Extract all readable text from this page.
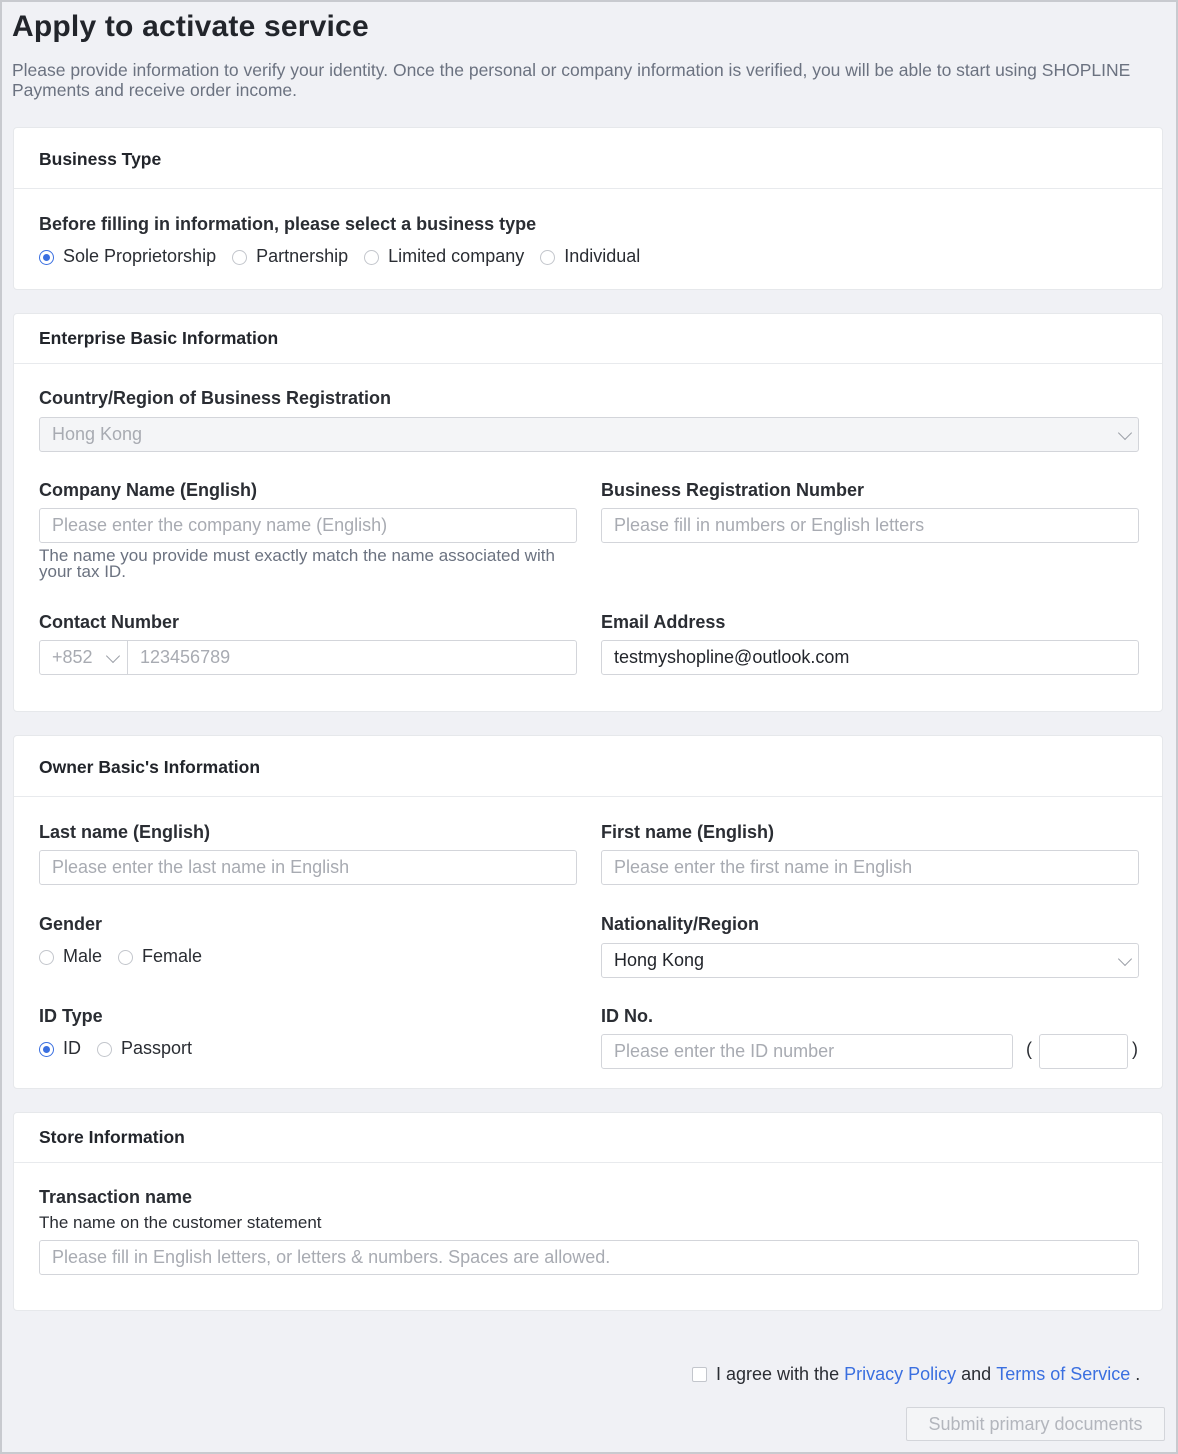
Apply to activate service
Please provide information to verify your identity. Once the personal or company information is verified, you will be able to start using SHOPLINE Payments and receive order income.
Business Type
Before filling in information, please select a business type
Sole Proprietorship Partnership Limited company Individual
Enterprise Basic Information
Country/Region of Business Registration
Hong Kong
Company Name (English)
Please enter the company name (English)
The name you provide must exactly match the name associated with your tax ID.
Business Registration Number
Please fill in numbers or English letters
Contact Number
+852	123456789
Email Address
testmyshopline@outlook.com
Owner Basic's Information
Last name (English)
Please enter the last name in English
First name (English)
Please enter the first name in English
Gender
Male Female
Nationality/Region
Hong Kong
ID Type
ID Passport
ID No.
Please enter the ID number	(	)
Store Information
Transaction name
The name on the customer statement
Please fill in English letters, or letters & numbers. Spaces are allowed.
I agree with the
Privacy Policy
and
Terms of Service
.
Submit primary documents
